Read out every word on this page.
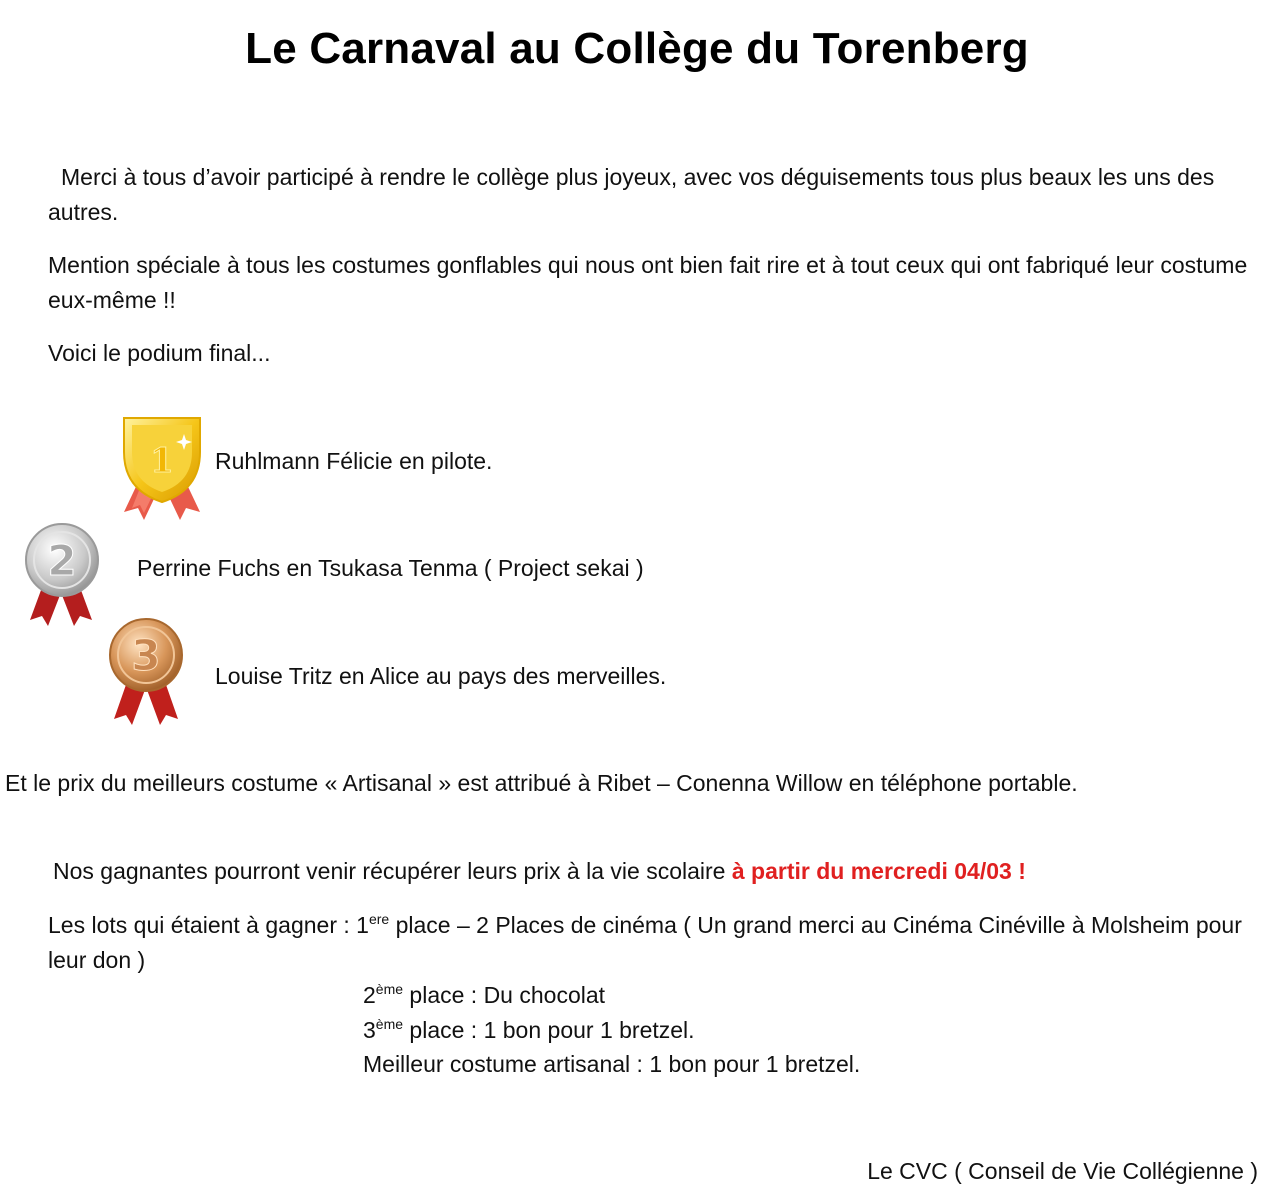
Le Carnaval au Collège du Torenberg
Merci à tous d’avoir participé à rendre le collège plus joyeux, avec vos déguisements tous plus beaux les uns des autres.
Mention spéciale à tous les costumes gonflables qui nous ont bien fait rire et à tout ceux qui ont fabriqué leur costume eux-même !!
Voici le podium final...
1
2
3
Ruhlmann Félicie en pilote.
Perrine Fuchs en Tsukasa Tenma ( Project sekai )
Louise Tritz en Alice au pays des merveilles.
Et le prix du meilleurs costume « Artisanal » est attribué à Ribet – Conenna Willow en téléphone portable.
Nos gagnantes pourront venir récupérer leurs prix à la vie scolaire à partir du mercredi 04/03 !
Les lots qui étaient à gagner : 1ere place – 2 Places de cinéma ( Un grand merci au Cinéma Cinéville à Molsheim pour leur don )
2ème place : Du chocolat
3ème place : 1 bon pour 1 bretzel.
Meilleur costume artisanal : 1 bon pour 1 bretzel.
Le CVC ( Conseil de Vie Collégienne )
